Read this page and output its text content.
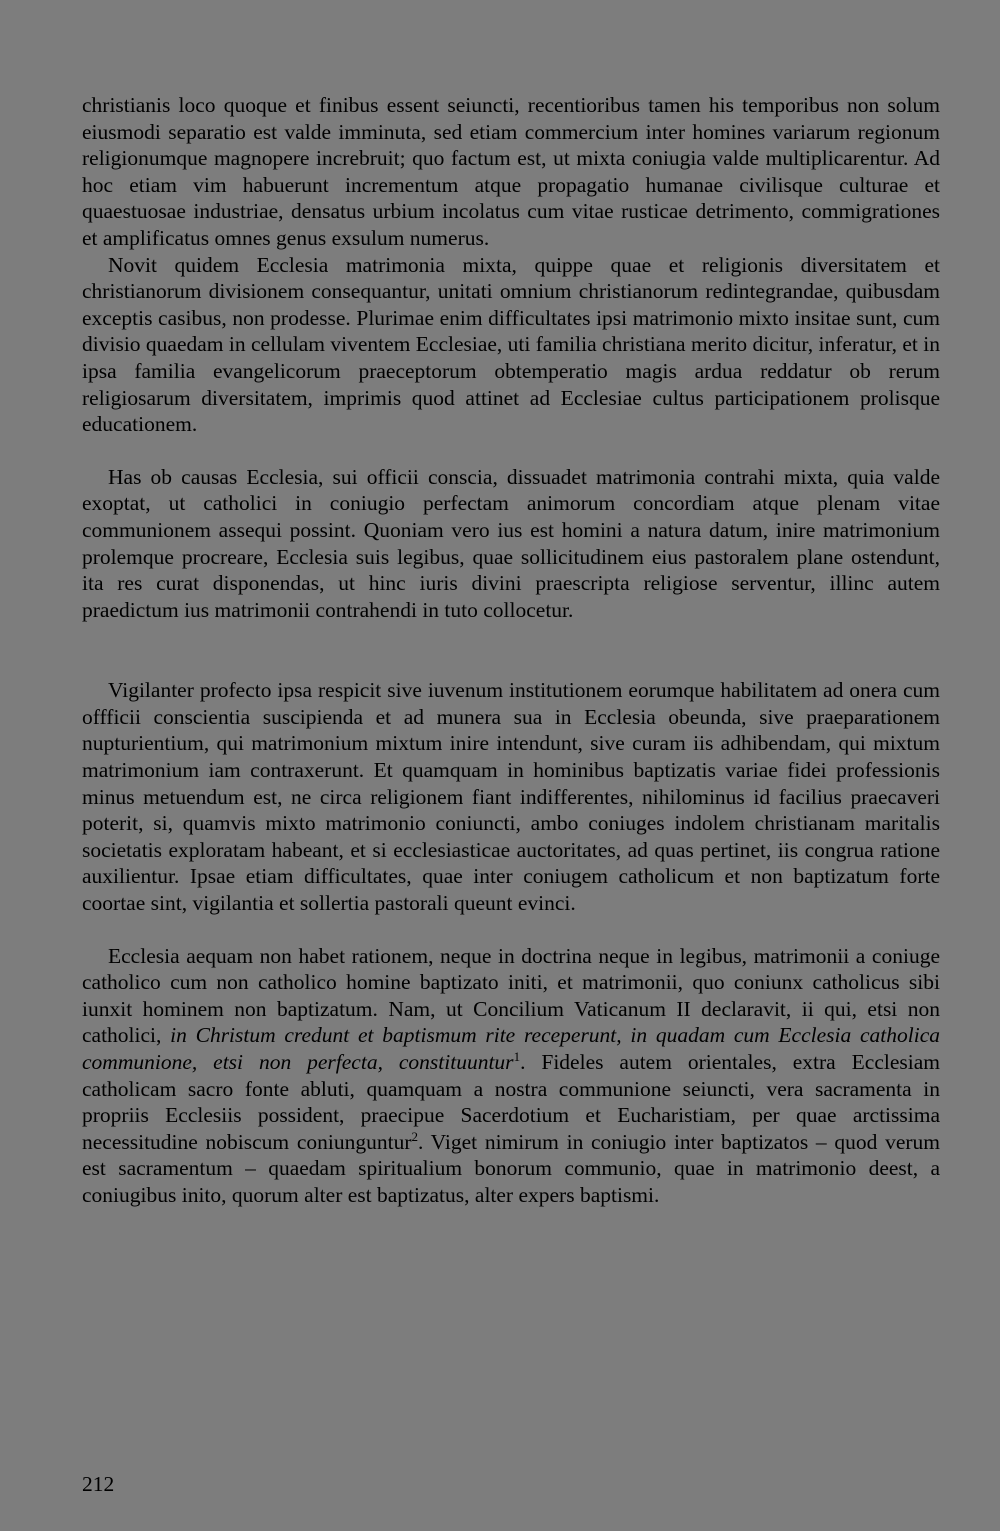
christianis loco quoque et finibus essent seiuncti, recentioribus tamen his temporibus non solum eiusmodi separatio est valde imminuta, sed etiam commercium inter homines variarum regionum religionumque magnopere increbruit; quo factum est, ut mixta coniugia valde multiplicarentur. Ad hoc etiam vim habuerunt incrementum atque propagatio humanae civilisque culturae et quaestuosae industriae, densatus urbium incolatus cum vitae rusticae detrimento, commigrationes et amplificatus omnes genus exsulum numerus.

Novit quidem Ecclesia matrimonia mixta, quippe quae et religionis diversitatem et christianorum divisionem consequantur, unitati omnium christianorum redintegrandae, quibusdam exceptis casibus, non prodesse. Plurimae enim difficultates ipsi matrimonio mixto insitae sunt, cum divisio quaedam in cellulam viventem Ecclesiae, uti familia christiana merito dicitur, inferatur, et in ipsa familia evangelicorum praeceptorum obtemperatio magis ardua reddatur ob rerum religiosarum diversitatem, imprimis quod attinet ad Ecclesiae cultus participationem prolisque educationem.

Has ob causas Ecclesia, sui officii conscia, dissuadet matrimonia contrahi mixta, quia valde exoptat, ut catholici in coniugio perfectam animorum concordiam atque plenam vitae communionem assequi possint. Quoniam vero ius est homini a natura datum, inire matrimonium prolemque procreare, Ecclesia suis legibus, quae sollicitudinem eius pastoralem plane ostendunt, ita res curat disponendas, ut hinc iuris divini praescripta religiose serventur, illinc autem praedictum ius matrimonii contrahendi in tuto collocetur.

Vigilanter profecto ipsa respicit sive iuvenum institutionem eorumque habilitatem ad onera cum offficii conscientia suscipienda et ad munera sua in Ecclesia obeunda, sive praeparationem nupturientium, qui matrimonium mixtum inire intendunt, sive curam iis adhibendam, qui mixtum matrimonium iam contraxerunt. Et quamquam in hominibus baptizatis variae fidei professionis minus metuendum est, ne circa religionem fiant indifferentes, nihilominus id facilius praecaveri poterit, si, quamvis mixto matrimonio coniuncti, ambo coniuges indolem christianam maritalis societatis exploratam habeant, et si ecclesiasticae auctoritates, ad quas pertinet, iis congrua ratione auxilientur. Ipsae etiam difficultates, quae inter coniugem catholicum et non baptizatum forte coortae sint, vigilantia et sollertia pastorali queunt evinci.

Ecclesia aequam non habet rationem, neque in doctrina neque in legibus, matrimonii a coniuge catholico cum non catholico homine baptizato initi, et matrimonii, quo coniunx catholicus sibi iunxit hominem non baptizatum. Nam, ut Concilium Vaticanum II declaravit, ii qui, etsi non catholici, in Christum credunt et baptismum rite receperunt, in quadam cum Ecclesia catholica communione, etsi non perfecta, constituuntur$^1$. Fideles autem orientales, extra Ecclesiam catholicam sacro fonte abluti, quamquam a nostra communione seiuncti, vera sacramenta in propriis Ecclesiis possident, praecipue Sacerdotium et Eucharistiam, per quae arctissima necessitudine nobiscum coniunguntur$^2$. Viget nimirum in coniugio inter baptizatos – quod verum est sacramentum – quaedam spiritualium bonorum communio, quae in matrimonio deest, a coniugibus inito, quorum alter est baptizatus, alter expers baptismi.

212
